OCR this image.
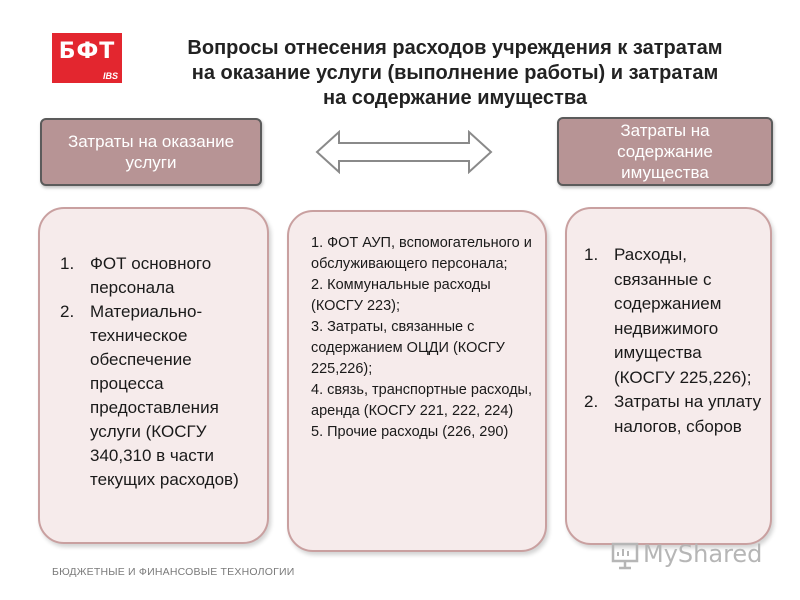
БФТ
IBS
Вопросы отнесения расходов учреждения к затратам
на оказание услуги (выполнение работы) и затратам
на содержание имущества
Затраты на оказание услуги
Затраты на содержание имущества
1. ФОТ основного персонала
2. Материально-техническое обеспечение процесса предоставления услуги (КОСГУ 340,310 в части текущих расходов)
1. ФОТ АУП, вспомогательного и обслуживающего персонала;
2. Коммунальные расходы (КОСГУ 223);
3. Затраты, связанные с содержанием ОЦДИ (КОСГУ 225,226);
4. связь, транспортные расходы, аренда (КОСГУ 221, 222, 224)
5. Прочие расходы (226, 290)
1. Расходы, связанные с содержанием недвижимого имущества (КОСГУ 225,226);
2. Затраты на уплату налогов, сборов
БЮДЖЕТНЫЕ И ФИНАНСОВЫЕ ТЕХНОЛОГИИ
MyShared
